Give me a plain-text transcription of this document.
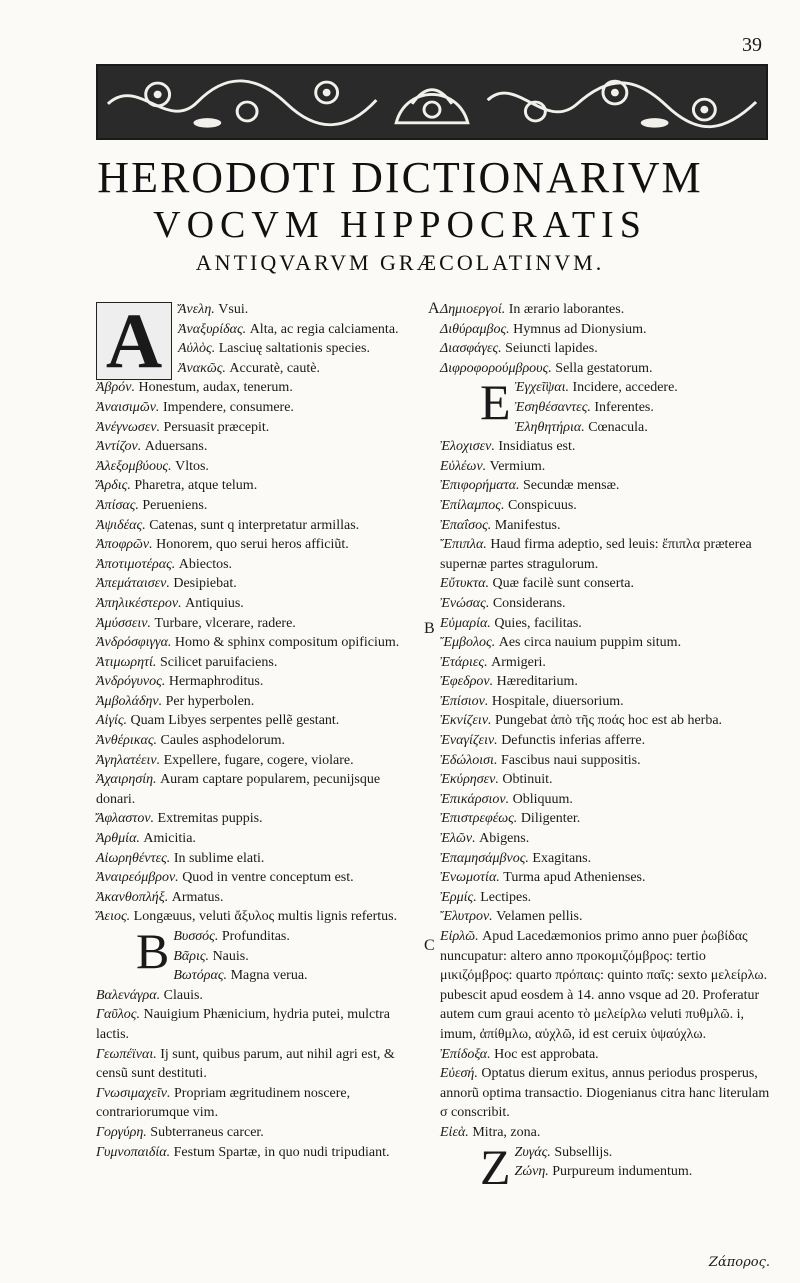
39
HERODOTI DICTIONARIVM
VOCVM HIPPOCRATIS
ANTIQVARVM GRÆCOLATINVM.
A	Ἄνελη. Vsui.
Ἀναξυρίδας. Alta, ac regia calciamenta.
Αὐλὸς. Lasciuę saltationis species.
Ἀνακῶς. Accuratè, cautè.
Ἀβρόν. Honestum, audax, tenerum.
Ἀναισιμῶν. Impendere, consumere.
Ἀνέγνωσεν. Persuasit præcepit.
Ἀντίζον. Aduersans.
Ἀλεξομβύους. Vltos.
Ἄρδις. Pharetra, atque telum.
Ἀπίσας. Perueniens.
Ἀψιδέας. Catenas, sunt q interpretatur armillas.
Ἀποφρῶν. Honorem, quo serui heros afficiũt.
Ἀποτιμοτέρας. Abiectos.
Ἀπεμάταισεν. Desipiebat.
Ἀπηλικέστερον. Antiquius.
Ἀμύσσειν. Turbare, vlcerare, radere.
Ἀνδρόσφιγγα. Homo & sphinx compositum opificium.
Ἀτιμωρητί. Scilicet paruifaciens.
Ἀνδρόγυνος. Hermaphroditus.
Ἀμβολάδην. Per hyperbolen.
Αἰγίς. Quam Libyes serpentes pellẽ gestant.
Ἀνθέρικας. Caules asphodelorum.
Ἀγηλατέειν. Expellere, fugare, cogere, violare.
Ἀχαιρησίη. Auram captare popularem, pecunijsque donari.
Ἄφλαστον. Extremitas puppis.
Ἀρθμία. Amicitia.
Αἰωρηθέντες. In sublime elati.
Ἀναιρεόμβρον. Quod in ventre conceptum est.
Ἀκανθοπλήξ. Armatus.
Ἄειος. Longæuus, veluti ἄξυλος multis lignis refertus.
B Βυσσός. Profunditas.
Βᾶρις. Nauis.
Βωτόρας. Magna verua.
Βαλενάγρα. Clauis.
Γαῦλος. Nauigium Phænicium, hydria putei, mulctra lactis.
Γεωπέϊναι. Ij sunt, quibus parum, aut nihil agri est, & censũ sunt destituti.
Γνωσιμαχεῖν. Propriam ægritudinem noscere, contrariorumque vim.
Γοργύρη. Subterraneus carcer.
Γυμνοπαιδία. Festum Spartæ, in quo nudi tripudiant.
Δημιοεργοί. In ærario laborantes.
Διθύραμβος. Hymnus ad Dionysium.
Διασφάγες. Seiuncti lapides.
Διφροφορούμβρους. Sella gestatorum.
E Ἐγχεῖ̈ψαι. Incidere, accedere.
Ἐσηθέσαντες. Inferentes.
Ἐληθητήρια. Cœnacula.
Ἐλοχισεν. Insidiatus est.
Εὐλέων. Vermium.
Ἐπιφορήματα. Secundæ mensæ.
Ἐπίλαμπος. Conspicuus.
Ἐπαΐσος. Manifestus.
Ἔπιπλα. Haud firma adeptio, sed leuis: ἔπιπλα præterea supernæ partes stragulorum.
Εὔτυκτα. Quæ facilè sunt conserta.
Ἐνώσας. Considerans.
Εὐμαρία. Quies, facilitas.
Ἔμβολος. Aes circa nauium puppim situm.
Ἐτάριες. Armigeri.
Ἐφεδρον. Hæreditarium.
Ἐπίσιον. Hospitale, diuersorium.
Ἐκνίζειν. Pungebat ἀπὸ τῆς ποάς hoc est ab herba.
Ἐναγίζειν. Defunctis inferias afferre.
Ἐδώλοισι. Fascibus naui suppositis.
Ἐκύρησεν. Obtinuit.
Ἐπικάρσιον. Obliquum.
Ἐπιστρεφέως. Diligenter.
Ἐλῶν. Abigens.
Ἐπαμησάμβνος. Exagitans.
Ἐνωμοτία. Turma apud Athenienses.
Ἐρμίς. Lectipes.
Ἔλυτρον. Velamen pellis.
Εἰρλῶ. Apud Lacedæmonios primo anno puer ῥωβίδας nuncupatur: altero anno προκομιζόμβρος: tertio μικιζόμβρος: quarto πρόπαις: quinto παῖς: sexto μελείρλω. pubescit apud eosdem à 14. anno vsque ad 20. Proferatur autem cum graui acento τὸ μελείρλω veluti πυθμλῶ. i, imum, ἀπίθμλω, αὐχλῶ, id est ceruix ὑψαύχλω.
Ἐπίδοξα. Hoc est approbata.
Εὐεσή. Optatus dierum exitus, annus periodus prosperus, annorũ optima transactio. Diogenianus citra hanc literulam σ conscribit.
Εἰεὰ. Mitra, zona.
Z Ζυγάς. Subsellijs.
Ζώνη. Purpureum indumentum.
A
B
C
Ζάπορος.
